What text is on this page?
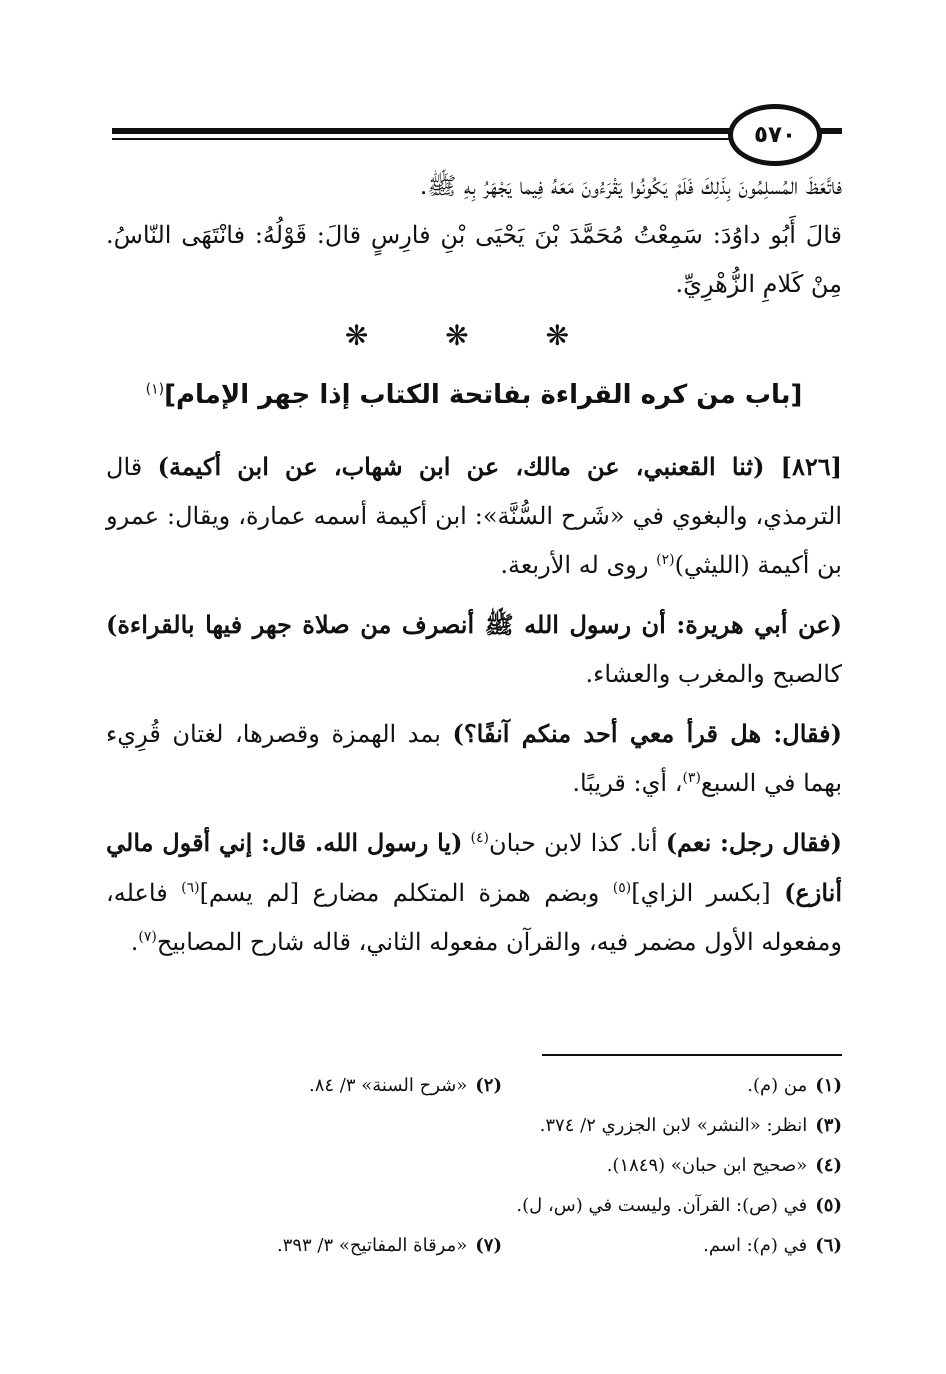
٥٧٠

فاتَّعَظَ المُسلِمُونَ بِذَلِكَ فَلَمْ يَكُونُوا يَقْرَءُونَ مَعَهُ فِيما يَجْهَرُ بِهِ ﷺ.

قالَ أَبُو داوُدَ: سَمِعْتُ مُحَمَّدَ بْنَ يَحْيَى بْنِ فارِسٍ قالَ: قَوْلُهُ: فانْتَهَى النّاسُ. مِنْ كَلامِ الزُّهْرِيِّ.

❋ ❋ ❋
[باب من كره القراءة بفاتحة الكتاب إذا جهر الإمام]$^{(١)}$

[٨٢٦] (ثنا القعنبي، عن مالك، عن ابن شهاب، عن ابن أكيمة) قال الترمذي، والبغوي في «شَرح السُّنَّة»: ابن أكيمة أسمه عمارة، ويقال: عمرو بن أكيمة (الليثي)$^{(٢)}$ روى له الأربعة.

(عن أبي هريرة: أن رسول الله ﷺ أنصرف من صلاة جهر فيها بالقراءة) كالصبح والمغرب والعشاء.

(فقال: هل قرأ معي أحد منكم آنفًا؟) بمد الهمزة وقصرها، لغتان قُرِيء بهما في السبع$^{(٣)}$، أي: قريبًا.

(فقال رجل: نعم) أنا. كذا لابن حبان$^{(٤)}$ (يا رسول الله. قال: إني أقول مالي أنازع) [بكسر الزاي]$^{(٥)}$ وبضم همزة المتكلم مضارع [لم يسم]$^{(٦)}$ فاعله، ومفعوله الأول مضمر فيه، والقرآن مفعوله الثاني، قاله شارح المصابيح$^{(٧)}$.

(١)من (م).
(٢)«شرح السنة» ٣/ ٨٤.
(٣)انظر: «النشر» لابن الجزري ٢/ ٣٧٤.
(٤)«صحيح ابن حبان» (١٨٤٩).
(٥)في (ص): القرآن. وليست في (س، ل).
(٦)في (م): اسم.
(٧)«مرقاة المفاتيح» ٣/ ٣٩٣.
